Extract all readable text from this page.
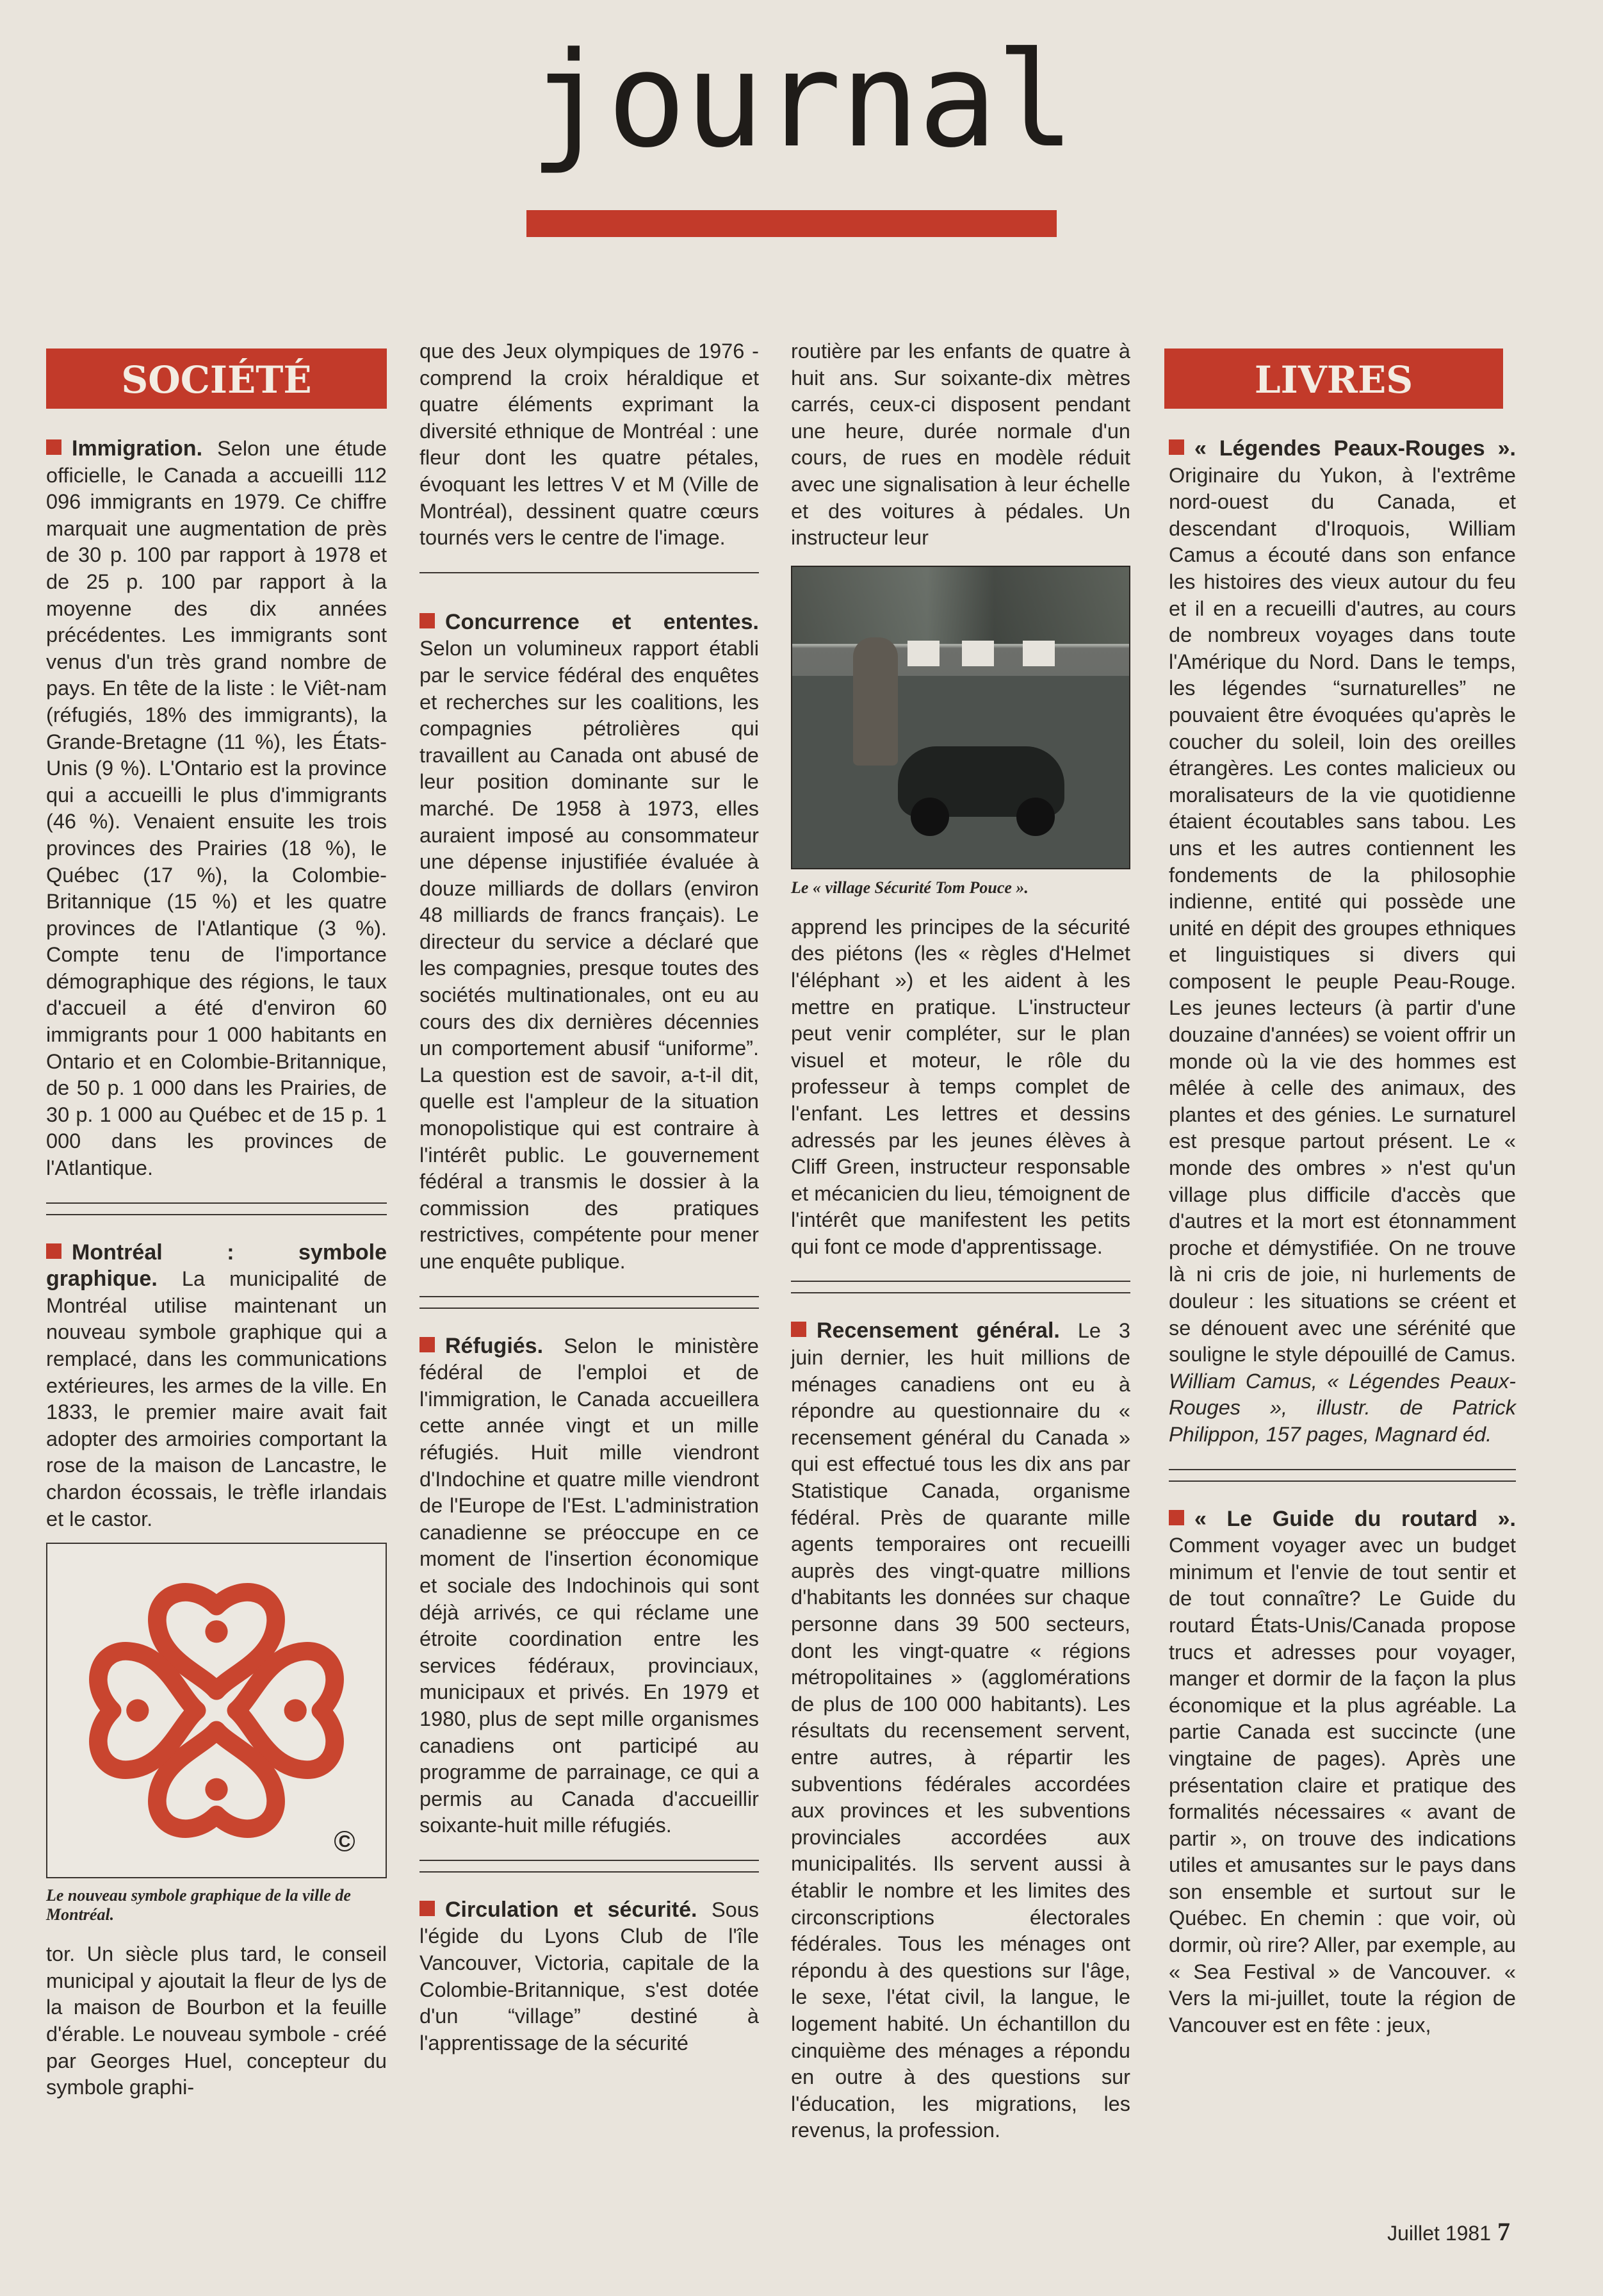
journal
SOCIÉTÉ

Immigration. Selon une étude officielle, le Canada a accueilli 112 096 immigrants en 1979. Ce chiffre marquait une augmentation de près de 30 p. 100 par rapport à 1978 et de 25 p. 100 par rapport à la moyenne des dix années précédentes. Les immigrants sont venus d'un très grand nombre de pays. En tête de la liste : le Viêt-nam (réfugiés, 18% des immigrants), la Grande-Bretagne (11 %), les États-Unis (9 %). L'Ontario est la province qui a accueilli le plus d'immigrants (46 %). Venaient ensuite les trois provinces des Prairies (18 %), le Québec (17 %), la Colombie-Britannique (15 %) et les quatre provinces de l'Atlantique (3 %). Compte tenu de l'importance démographique des régions, le taux d'accueil a été d'environ 60 immigrants pour 1 000 habitants en Ontario et en Colombie-Britannique, de 50 p. 1 000 dans les Prairies, de 30 p. 1 000 au Québec et de 15 p. 1 000 dans les provinces de l'Atlantique.

Montréal : symbole graphique. La municipalité de Montréal utilise maintenant un nouveau symbole graphique qui a remplacé, dans les communications extérieures, les armes de la ville. En 1833, le premier maire avait fait adopter des armoiries comportant la rose de la maison de Lancastre, le chardon écossais, le trèfle irlandais et le castor.

C
Le nouveau symbole graphique de la ville de Montréal.

tor. Un siècle plus tard, le conseil municipal y ajoutait la fleur de lys de la maison de Bourbon et la feuille d'érable. Le nouveau symbole - créé par Georges Huel, concepteur du symbole graphi-

que des Jeux olympiques de 1976 - comprend la croix héraldique et quatre éléments exprimant la diversité ethnique de Montréal : une fleur dont les quatre pétales, évoquant les lettres V et M (Ville de Montréal), dessinent quatre cœurs tournés vers le centre de l'image.

Concurrence et ententes. Selon un volumineux rapport établi par le service fédéral des enquêtes et recherches sur les coalitions, les compagnies pétrolières qui travaillent au Canada ont abusé de leur position dominante sur le marché. De 1958 à 1973, elles auraient imposé au consommateur une dépense injustifiée évaluée à douze milliards de dollars (environ 48 milliards de francs français). Le directeur du service a déclaré que les compagnies, presque toutes des sociétés multinationales, ont eu au cours des dix dernières décennies un comportement abusif “uniforme”. La question est de savoir, a-t-il dit, quelle est l'ampleur de la situation monopolistique qui est contraire à l'intérêt public. Le gouvernement fédéral a transmis le dossier à la commission des pratiques restrictives, compétente pour mener une enquête publique.

Réfugiés. Selon le ministère fédéral de l'emploi et de l'immigration, le Canada accueillera cette année vingt et un mille réfugiés. Huit mille viendront d'Indochine et quatre mille viendront de l'Europe de l'Est. L'administration canadienne se préoccupe en ce moment de l'insertion économique et sociale des Indochinois qui sont déjà arrivés, ce qui réclame une étroite coordination entre les services fédéraux, provinciaux, municipaux et privés. En 1979 et 1980, plus de sept mille organismes canadiens ont participé au programme de parrainage, ce qui a permis au Canada d'accueillir soixante-huit mille réfugiés.

Circulation et sécurité. Sous l'égide du Lyons Club de l'île Vancouver, Victoria, capitale de la Colombie-Britannique, s'est dotée d'un “village” destiné à l'apprentissage de la sécurité

routière par les enfants de quatre à huit ans. Sur soixante-dix mètres carrés, ceux-ci disposent pendant une heure, durée normale d'un cours, de rues en modèle réduit avec une signalisation à leur échelle et des voitures à pédales. Un instructeur leur

Le « village Sécurité Tom Pouce ».

apprend les principes de la sécurité des piétons (les « règles d'Helmet l'éléphant ») et les aident à les mettre en pratique. L'instructeur peut venir compléter, sur le plan visuel et moteur, le rôle du professeur à temps complet de l'enfant. Les lettres et dessins adressés par les jeunes élèves à Cliff Green, instructeur responsable et mécanicien du lieu, témoignent de l'intérêt que manifestent les petits qui font ce mode d'apprentissage.

Recensement général. Le 3 juin dernier, les huit millions de ménages canadiens ont eu à répondre au questionnaire du « recensement général du Canada » qui est effectué tous les dix ans par Statistique Canada, organisme fédéral. Près de quarante mille agents temporaires ont recueilli auprès des vingt-quatre millions d'habitants les données sur chaque personne dans 39 500 secteurs, dont les vingt-quatre « régions métropolitaines » (agglomérations de plus de 100 000 habitants). Les résultats du recensement servent, entre autres, à répartir les subventions fédérales accordées aux provinces et les subventions provinciales accordées aux municipalités. Ils servent aussi à établir le nombre et les limites des circonscriptions électorales fédérales. Tous les ménages ont répondu à des questions sur l'âge, le sexe, l'état civil, la langue, le logement habité. Un échantillon du cinquième des ménages a répondu en outre à des questions sur l'éducation, les migrations, les revenus, la profession.

LIVRES

« Légendes Peaux-Rouges ». Originaire du Yukon, à l'extrême nord-ouest du Canada, et descendant d'Iroquois, William Camus a écouté dans son enfance les histoires des vieux autour du feu et il en a recueilli d'autres, au cours de nombreux voyages dans toute l'Amérique du Nord. Dans le temps, les légendes “surnaturelles” ne pouvaient être évoquées qu'après le coucher du soleil, loin des oreilles étrangères. Les contes malicieux ou moralisateurs de la vie quotidienne étaient écoutables sans tabou. Les uns et les autres contiennent les fondements de la philosophie indienne, entité qui possède une unité en dépit des groupes ethniques et linguistiques si divers qui composent le peuple Peau-Rouge. Les jeunes lecteurs (à partir d'une douzaine d'années) se voient offrir un monde où la vie des hommes est mêlée à celle des animaux, des plantes et des génies. Le surnaturel est presque partout présent. Le « monde des ombres » n'est qu'un village plus difficile d'accès que d'autres et la mort est étonnamment proche et démystifiée. On ne trouve là ni cris de joie, ni hurlements de douleur : les situations se créent et se dénouent avec une sérénité que souligne le style dépouillé de Camus. William Camus, « Légendes Peaux-Rouges », illustr. de Patrick Philippon, 157 pages, Magnard éd.

« Le Guide du routard ». Comment voyager avec un budget minimum et l'envie de tout sentir et de tout connaître? Le Guide du routard États-Unis/Canada propose trucs et adresses pour voyager, manger et dormir de la façon la plus économique et la plus agréable. La partie Canada est succincte (une vingtaine de pages). Après une présentation claire et pratique des formalités nécessaires « avant de partir », on trouve des indications utiles et amusantes sur le pays dans son ensemble et surtout sur le Québec. En chemin : que voir, où dormir, où rire? Aller, par exemple, au « Sea Festival » de Vancouver. « Vers la mi-juillet, toute la région de Vancouver est en fête : jeux,

Juillet 1981 7
